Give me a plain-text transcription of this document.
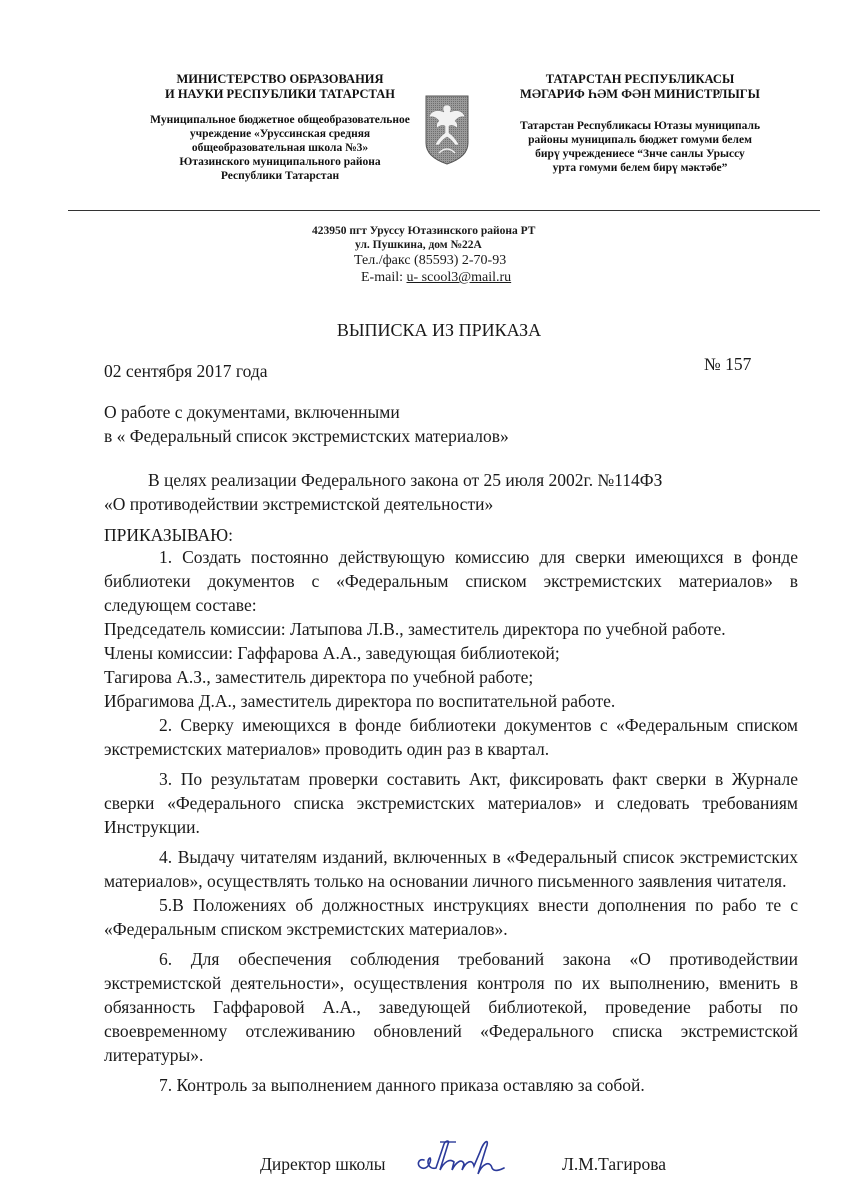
МИНИСТЕРСТВО ОБРАЗОВАНИЯ
И НАУКИ РЕСПУБЛИКИ ТАТАРСТАН
Муниципальное бюджетное общеобразовательное
учреждение «Уруссинская средняя
общеобразовательная школа №3»
Ютазинского муниципального района
Республики Татарстан
ТАТАРСТАН РЕСПУБЛИКАСЫ
МӘГАРИФ ҺӘМ ФӘН МИНИСТРЛЫГЫ
Татарстан Республикасы Ютазы муниципаль
районы муниципаль бюджет гомуми белем
бирү учреждениесе “Знче санлы Урыссу
урта гомуми белем бирү мәктәбе”
423950 пгт Уруссу Ютазинского района РТ
ул. Пушкина, дом №22А
Тел./факс (85593) 2-70-93
E-mail: u- scool3@mail.ru
ВЫПИСКА ИЗ ПРИКАЗА
02 сентября 2017 года	№ 157
О работе с документами, включенными
в « Федеральный список экстремистских материалов»
В целях реализации Федерального закона от 25 июля 2002г. №114ФЗ
«О противодействии экстремистской деятельности»
ПРИКАЗЫВАЮ:
1. Создать постоянно действующую комиссию для сверки имеющихся в фонде библиотеки документов с «Федеральным списком экстремистских материалов» в следующем составе:
Председатель комиссии: Латыпова Л.В., заместитель директора по учебной работе.
Члены комиссии: Гаффарова А.А., заведующая библиотекой;
Тагирова А.З., заместитель директора по учебной работе;
Ибрагимова Д.А., заместитель директора по воспитательной работе.
2. Сверку имеющихся в фонде библиотеки документов с «Федеральным списком экстремистских материалов» проводить один раз в квартал.
3. По результатам проверки составить Акт, фиксировать факт сверки в Журнале сверки «Федерального списка экстремистских материалов» и следовать требованиям Инструкции.
4. Выдачу читателям изданий, включенных в «Федеральный список экстремистских материалов», осуществлять только на основании личного письменного заявления читателя.
5.В Положениях об должностных инструкциях внести дополнения по рабо те с «Федеральным списком экстремистских материалов».
6. Для обеспечения соблюдения требований закона «О противодействии экстремистской деятельности», осуществления контроля по их выполнению, вменить в обязанность Гаффаровой А.А., заведующей библиотекой, проведение работы по своевременному отслеживанию обновлений «Федерального списка экстремистской литературы».
7. Контроль за выполнением данного приказа оставляю за собой.
Директор школы	Л.М.Тагирова
